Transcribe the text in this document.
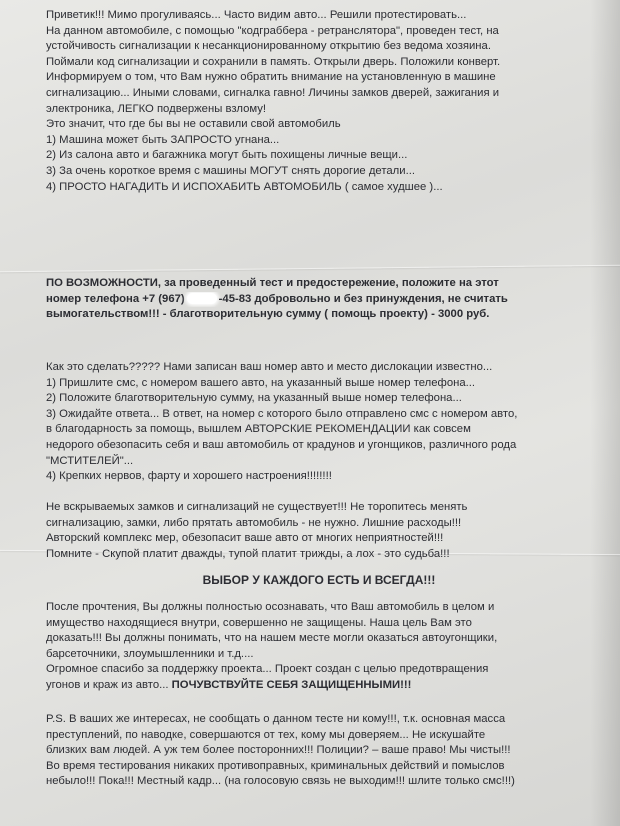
Приветик!!! Мимо прогуливаясь... Часто видим авто... Решили протестировать...
На данном автомобиле, с помощью "кодграббера - ретранслятора", проведен тест, на
устойчивость сигнализации к несанкционированному открытию без ведома хозяина.
Поймали код сигнализации и сохранили в память. Открыли дверь. Положили конверт.
Информируем о том, что Вам нужно обратить внимание на установленную в машине
сигнализацию... Иными словами, сигналка гавно! Личины замков дверей, зажигания и
электроника, ЛЕГКО подвержены взлому!
Это значит, что где бы вы не оставили свой автомобиль
1) Машина может быть ЗАПРОСТО угнана...
2) Из салона авто и багажника могут быть похищены личные вещи...
3) За очень короткое время с машины МОГУТ снять дорогие детали...
4) ПРОСТО НАГАДИТЬ И ИСПОХАБИТЬ АВТОМОБИЛЬ ( самое худшее )...
ПО ВОЗМОЖНОСТИ, за проведенный тест и предостережение, положите на этот
номер телефона +7 (967)	-45-83 добровольно и без принуждения, не считать
вымогательством!!! - благотворительную сумму ( помощь проекту) - 3000 руб.
Как это сделать????? Нами записан ваш номер авто и место дислокации известно...
1) Пришлите смс, с номером вашего авто, на указанный выше номер телефона...
2) Положите благотворительную сумму, на указанный выше номер телефона...
3) Ожидайте ответа... В ответ, на номер с которого было отправлено смс с номером авто,
в благодарность за помощь, вышлем АВТОРСКИЕ РЕКОМЕНДАЦИИ как совсем
недорого обезопасить себя и ваш автомобиль от крадунов и угонщиков, различного рода
"МСТИТЕЛЕЙ"...
4) Крепких нервов, фарту и хорошего настроения!!!!!!!!
Не вскрываемых замков и сигнализаций не существует!!! Не торопитесь менять
сигнализацию, замки, либо прятать автомобиль - не нужно. Лишние расходы!!!
Авторский комплекс мер, обезопасит ваше авто от многих неприятностей!!!
Помните - Скупой платит дважды, тупой платит трижды, а лох - это судьба!!!
ВЫБОР У КАЖДОГО ЕСТЬ И ВСЕГДА!!!
После прочтения, Вы должны полностью осознавать, что Ваш автомобиль в целом и
имущество находящиеся внутри, совершенно не защищены. Наша цель Вам это
доказать!!! Вы должны понимать, что на нашем месте могли оказаться автоугонщики,
барсеточники, злоумышленники и т.д....
Огромное спасибо за поддержку проекта... Проект создан с целью предотвращения
угонов и краж из авто... ПОЧУВСТВУЙТЕ СЕБЯ ЗАЩИЩЕННЫМИ!!!
P.S. В ваших же интересах, не сообщать о данном тесте ни кому!!!, т.к. основная масса
преступлений, по наводке, совершаются от тех, кому мы доверяем... Не искушайте
близких вам людей. А уж тем более посторонних!!! Полиции? – ваше право! Мы чисты!!!
Во время тестирования никаких противоправных, криминальных действий и помыслов
небыло!!! Пока!!! Местный кадр... (на голосовую связь не выходим!!! шлите только смс!!!)
